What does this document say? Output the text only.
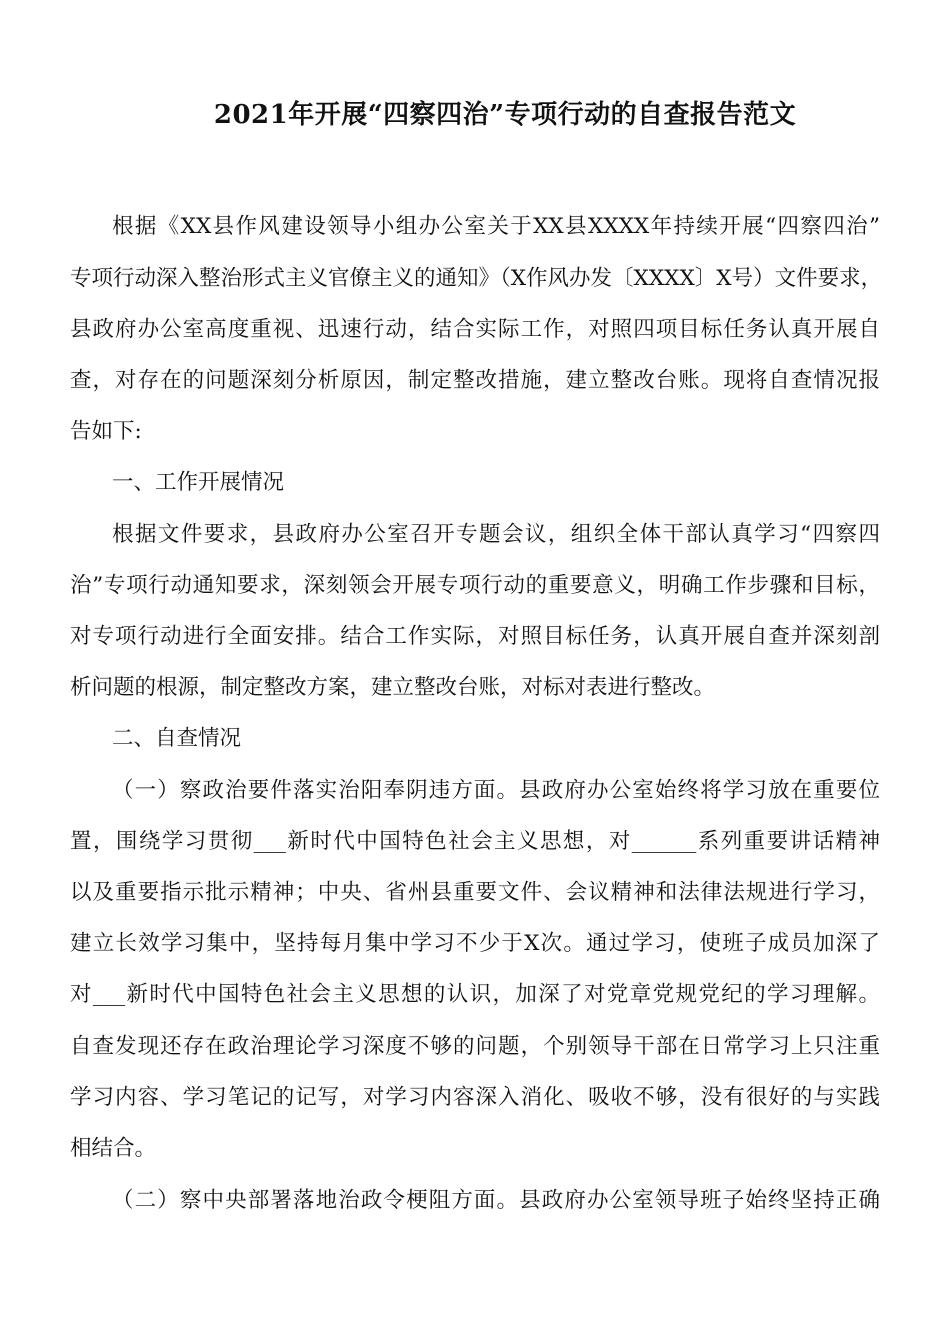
2021年开展“四察四治”专项行动的自查报告范文
根据《XX县作风建设领导小组办公室关于XX县XXXX年持续开展“四察四治”
专项行动深入整治形式主义官僚主义的通知》（X作风办发〔XXXX〕X号）文件要求，
县政府办公室高度重视、迅速行动，结合实际工作，对照四项目标任务认真开展自
查，对存在的问题深刻分析原因，制定整改措施，建立整改台账。现将自查情况报
告如下:
一、工作开展情况
根据文件要求，县政府办公室召开专题会议，组织全体干部认真学习“四察四
治”专项行动通知要求，深刻领会开展专项行动的重要意义，明确工作步骤和目标，
对专项行动进行全面安排。结合工作实际，对照目标任务，认真开展自查并深刻剖
析问题的根源，制定整改方案，建立整改台账，对标对表进行整改。
二、自查情况
（一）察政治要件落实治阳奉阴违方面。县政府办公室始终将学习放在重要位
置，围绕学习贯彻___新时代中国特色社会主义思想，对______系列重要讲话精神
以及重要指示批示精神；中央、省州县重要文件、会议精神和法律法规进行学习，
建立长效学习集中，坚持每月集中学习不少于X次。通过学习，使班子成员加深了
对___新时代中国特色社会主义思想的认识，加深了对党章党规党纪的学习理解。
自查发现还存在政治理论学习深度不够的问题，个别领导干部在日常学习上只注重
学习内容、学习笔记的记写，对学习内容深入消化、吸收不够，没有很好的与实践
相结合。
（二）察中央部署落地治政令梗阻方面。县政府办公室领导班子始终坚持正确
